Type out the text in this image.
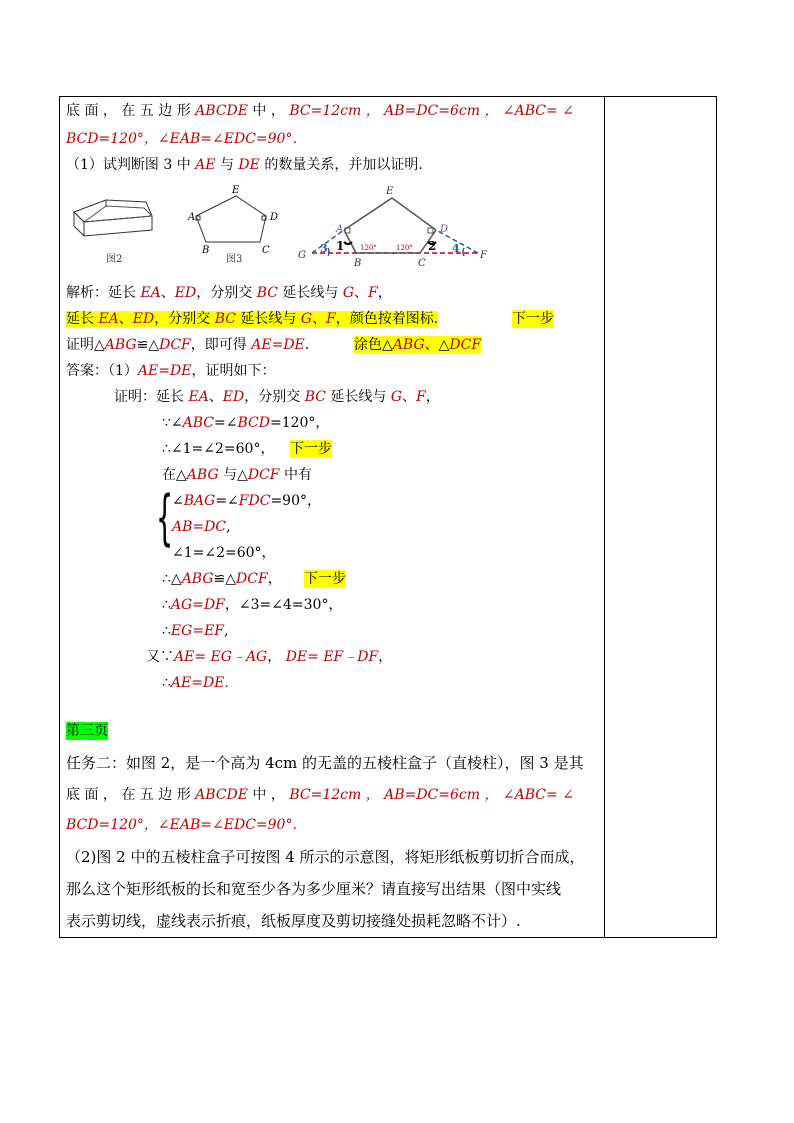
底 面 ， 在 五 边 形 ABCDE 中 ， BC=12cm ， AB=DC=6cm ， ∠ABC= ∠
BCD=120°，∠EAB=∠EDC=90°．
（1）试判断图 3 中 AE 与 DE 的数量关系，并加以证明.
图2
A
B	C
D
E
图3
E
A	D
G
B	C
F
1	2
3	4
120°	120°
解析：延长 EA、ED，分别交 BC 延长线与 G、F，
延长 EA、ED，分别交 BC 延长线与 G、F，颜色按着图标.	下一步
证明△ABG≌△DCF，即可得 AE=DE.	涂色△ABG、△DCF
答案：（1）AE=DE，证明如下：
证明：延长 EA、ED，分别交 BC 延长线与 G、F，
∵∠ABC=∠BCD=120°，
∴∠1=∠2=60°， 下一步
在△ABG 与△DCF 中有
{
∠BAG=∠FDC=90°，
AB=DC,
∠1=∠2=60°，
∴△ABG≌△DCF， 下一步
∴AG=DF，∠3=∠4=30°，
∴EG=EF,
又∵AE= EG﹣AG， DE= EF﹣DF，
∴AE=DE.
第三页
任务二：如图 2，是一个高为 4cm 的无盖的五棱柱盒子（直棱柱），图 3 是其
底 面 ， 在 五 边 形 ABCDE 中 ， BC=12cm ， AB=DC=6cm ， ∠ABC= ∠
BCD=120°，∠EAB=∠EDC=90°．
（2)图 2 中的五棱柱盒子可按图 4 所示的示意图，将矩形纸板剪切折合而成，
那么这个矩形纸板的长和宽至少各为多少厘米？请直接写出结果（图中实线
表示剪切线，虚线表示折痕，纸板厚度及剪切接缝处损耗忽略不计）.
